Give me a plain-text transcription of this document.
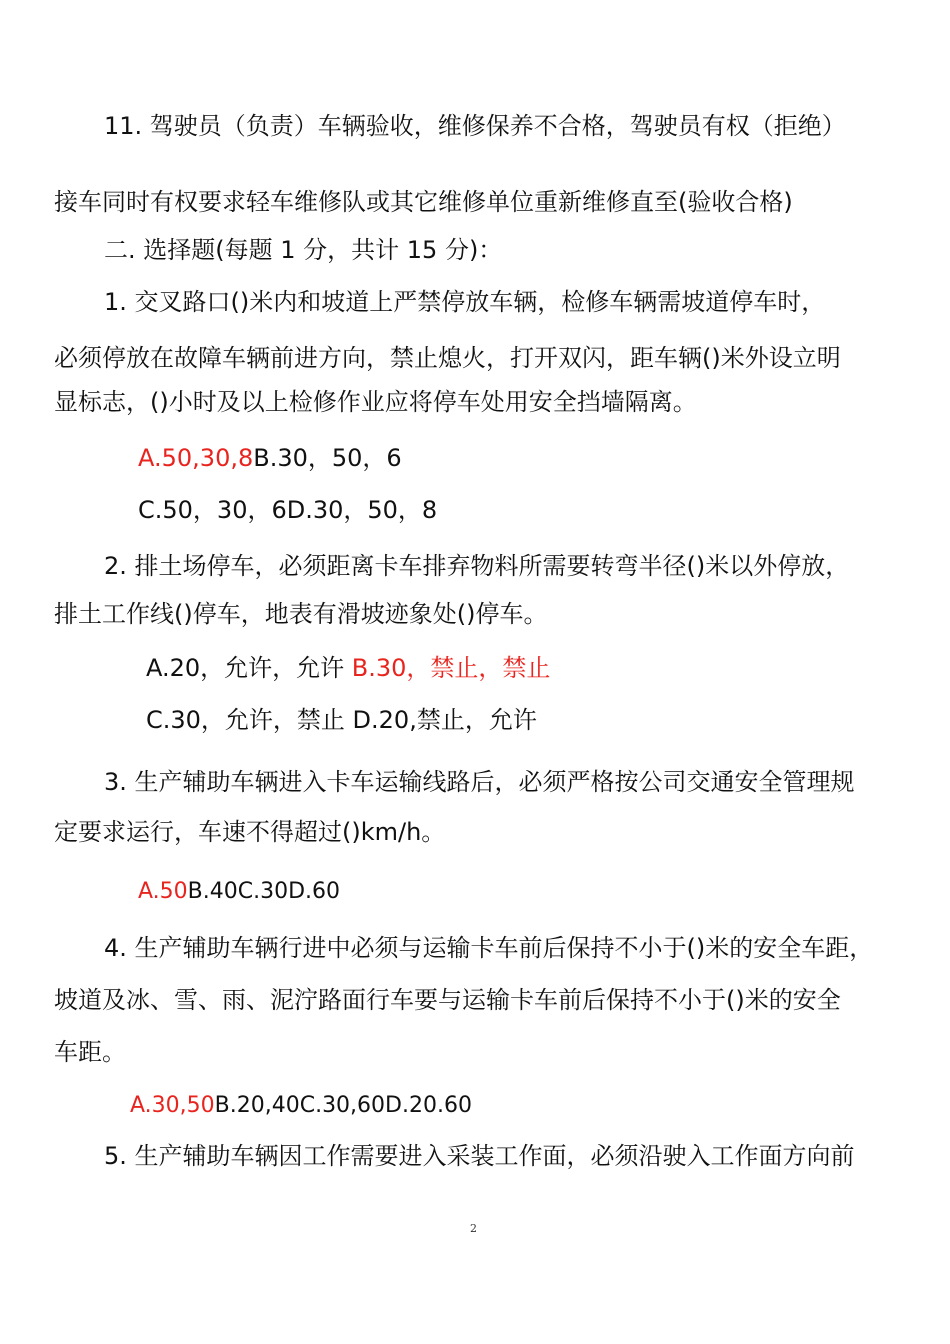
11. 驾驶员（负责）车辆验收，维修保养不合格，驾驶员有权（拒绝）
接车同时有权要求轻车维修队或其它维修单位重新维修直至(验收合格)
二. 选择题(每题 1 分，共计 15 分)：
1. 交叉路口()米内和坡道上严禁停放车辆，检修车辆需坡道停车时，
必须停放在故障车辆前进方向，禁止熄火，打开双闪，距车辆()米外设立明
显标志，()小时及以上检修作业应将停车处用安全挡墙隔离。
A.50,30,8B.30，50，6
C.50，30，6D.30，50，8
2. 排土场停车，必须距离卡车排弃物料所需要转弯半径()米以外停放，
排土工作线()停车，地表有滑坡迹象处()停车。
A.20，允许，允许 B.30，禁止，禁止
C.30，允许，禁止 D.20,禁止，允许
3. 生产辅助车辆进入卡车运输线路后，必须严格按公司交通安全管理规
定要求运行，车速不得超过()km/h。
A.50B.40C.30D.60
4. 生产辅助车辆行进中必须与运输卡车前后保持不小于()米的安全车距，
坡道及冰、雪、雨、泥泞路面行车要与运输卡车前后保持不小于()米的安全
车距。
A.30,50B.20,40C.30,60D.20.60
5. 生产辅助车辆因工作需要进入采装工作面，必须沿驶入工作面方向前
2
